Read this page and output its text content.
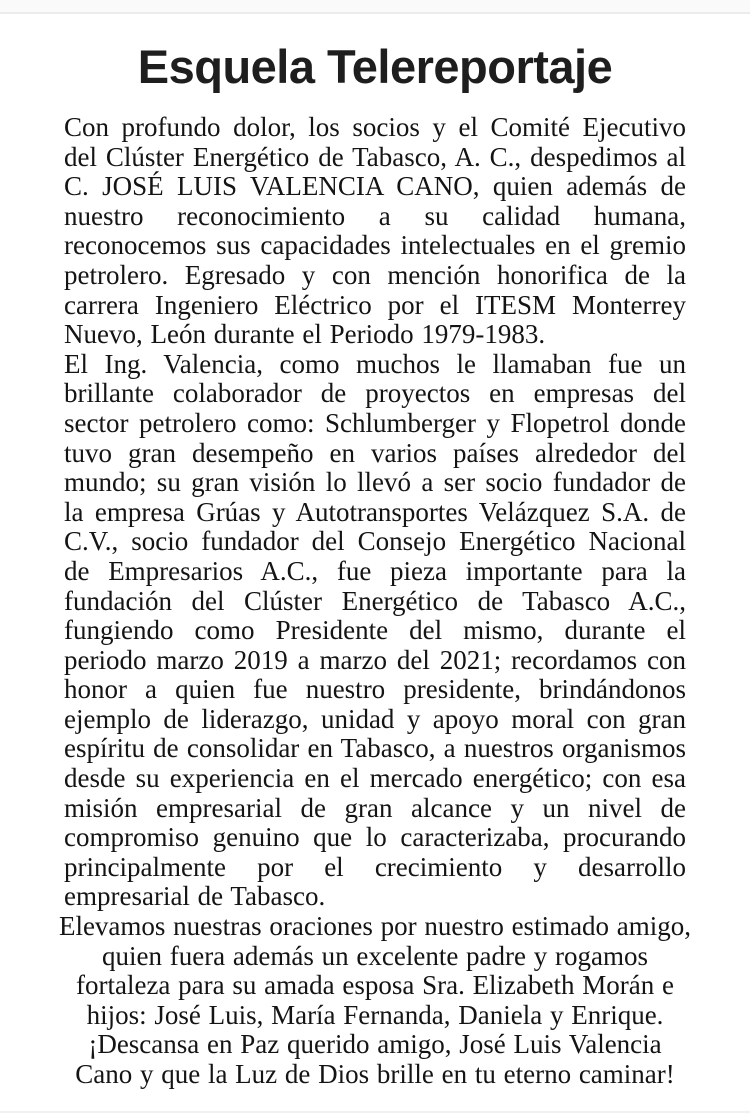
Esquela Telereportaje

Con profundo dolor, los socios y el Comité Ejecutivo del Clúster Energético de Tabasco, A. C., despedimos al C. JOSÉ LUIS VALENCIA CANO, quien además de nuestro reconocimiento a su calidad humana, reconocemos sus capacidades intelectuales en el gremio petrolero. Egresado y con mención honorifica de la carrera Ingeniero Eléctrico por el ITESM Monterrey Nuevo, León durante el Periodo 1979-1983.

El Ing. Valencia, como muchos le llamaban fue un brillante colaborador de proyectos en empresas del sector petrolero como: Schlumberger y Flopetrol donde tuvo gran desempeño en varios países alrededor del mundo; su gran visión lo llevó a ser socio fundador de la empresa Grúas y Autotransportes Velázquez S.A. de C.V., socio fundador del Consejo Energético Nacional de Empresarios A.C., fue pieza importante para la fundación del Clúster Energético de Tabasco A.C., fungiendo como Presidente del mismo, durante el periodo marzo 2019 a marzo del 2021; recordamos con honor a quien fue nuestro presidente, brindándonos ejemplo de liderazgo, unidad y apoyo moral con gran espíritu de consolidar en Tabasco, a nuestros organismos desde su experiencia en el mercado energético; con esa misión empresarial de gran alcance y un nivel de compromiso genuino que lo caracterizaba, procurando principalmente por el crecimiento y desarrollo empresarial de Tabasco.

Elevamos nuestras oraciones por nuestro estimado amigo, quien fuera además un excelente padre y rogamos fortaleza para su amada esposa Sra. Elizabeth Morán e hijos: José Luis, María Fernanda, Daniela y Enrique.

¡Descansa en Paz querido amigo, José Luis Valencia Cano y que la Luz de Dios brille en tu eterno caminar!
